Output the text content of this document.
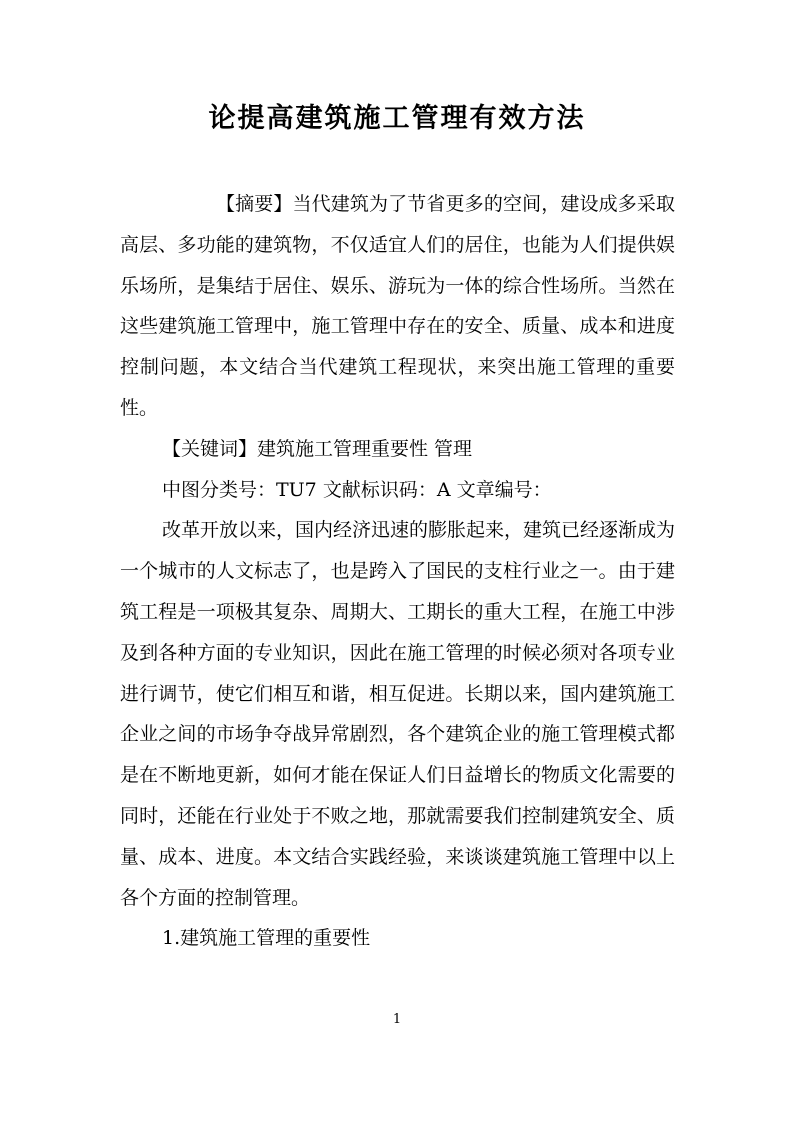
论提高建筑施工管理有效方法

【摘要】当代建筑为了节省更多的空间，建设成多采取高层、多功能的建筑物，不仅适宜人们的居住，也能为人们提供娱乐场所，是集结于居住、娱乐、游玩为一体的综合性场所。当然在这些建筑施工管理中，施工管理中存在的安全、质量、成本和进度控制问题，本文结合当代建筑工程现状，来突出施工管理的重要性。

【关键词】建筑施工管理重要性 管理

中图分类号：TU7 文献标识码：A 文章编号：

改革开放以来，国内经济迅速的膨胀起来，建筑已经逐渐成为一个城市的人文标志了，也是跨入了国民的支柱行业之一。由于建筑工程是一项极其复杂、周期大、工期长的重大工程，在施工中涉及到各种方面的专业知识，因此在施工管理的时候必须对各项专业进行调节，使它们相互和谐，相互促进。长期以来，国内建筑施工企业之间的市场争夺战异常剧烈，各个建筑企业的施工管理模式都是在不断地更新，如何才能在保证人们日益增长的物质文化需要的同时，还能在行业处于不败之地，那就需要我们控制建筑安全、质量、成本、进度。本文结合实践经验，来谈谈建筑施工管理中以上各个方面的控制管理。

1.建筑施工管理的重要性

1
